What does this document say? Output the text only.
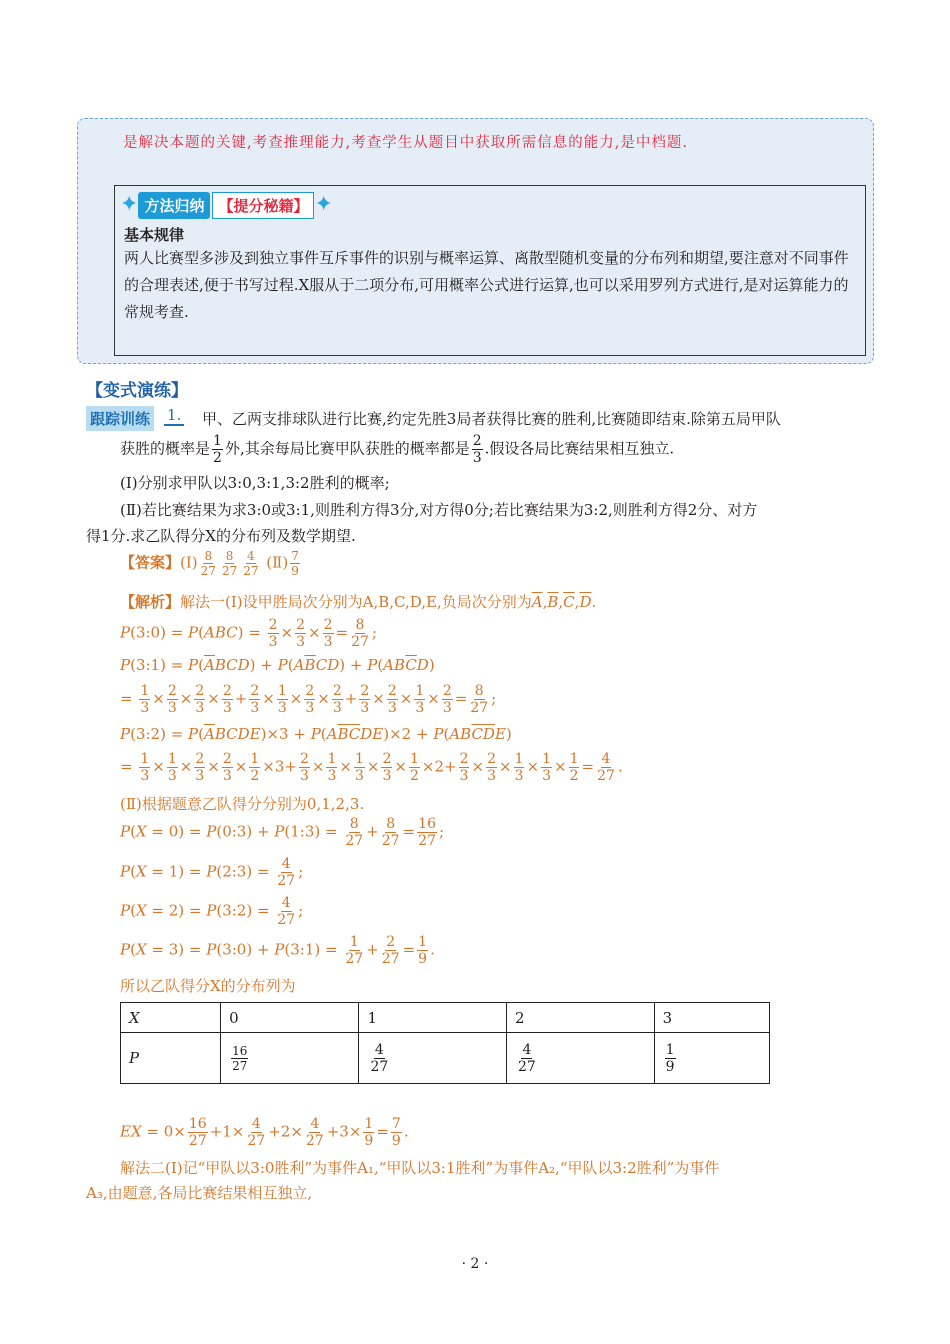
是解决本题的关键,考查推理能力,考查学生从题目中获取所需信息的能力,是中档题.
✦ 方法归纳 【提分秘籍】 ✦
基本规律
两人比赛型多涉及到独立事件互斥事件的识别与概率运算、离散型随机变量的分布列和期望,要注意对不同事件的合理表述,便于书写过程.X服从于二项分布,可用概率公式进行运算,也可以采用罗列方式进行,是对运算能力的常规考查.
【变式演练】
跟踪训练 1. 甲、乙两支排球队进行比赛,约定先胜3局者获得比赛的胜利,比赛随即结束.除第五局甲队
获胜的概率是 $\frac{1}{2}$ 外,其余每局比赛甲队获胜的概率都是 $\frac{2}{3}$ .假设各局比赛结果相互独立.
(Ⅰ)分别求甲队以3:0,3:1,3:2胜利的概率;
(Ⅱ)若比赛结果为求3:0或3:1,则胜利方得3分,对方得0分;若比赛结果为3:2,则胜利方得2分、对方
得1分.求乙队得分X的分布列及数学期望.
【答案】(Ⅰ) $\frac{8}{27} \frac{8}{27} \frac{4}{27}$ (Ⅱ) $\frac{7}{9}$
【解析】解法一(Ⅰ)设甲胜局次分别为A,B,C,D,E,负局次分别为$\overline{A},\overline{B},\overline{C},\overline{D}$.
P(3:0) = $P(ABC) = \frac{2}{3} \times \frac{2}{3} \times \frac{2}{3} = \frac{8}{27}$ ;
P(3:1) = $P(\overline{A}BCD) + P(A\overline{B}CD) + P(AB\overline{C}D)$
= $\frac{1}{3} \times \frac{2}{3} \times \frac{2}{3} \times \frac{2}{3} + \frac{2}{3} \times \frac{1}{3} \times \frac{2}{3} \times \frac{2}{3} + \frac{2}{3} \times \frac{2}{3} \times \frac{1}{3} \times \frac{2}{3} = \frac{8}{27}$ ;
P(3:2) = $P(\overline{A}BCDE)\times 3 + P(A\overline{B}\overline{C}DE)\times 2 + P(AB\overline{C}\overline{D}E)$
= $\frac{1}{3} \times \frac{1}{3} \times \frac{2}{3} \times \frac{2}{3} \times \frac{1}{2} \times 3+ \frac{2}{3} \times \frac{1}{3} \times \frac{1}{3} \times \frac{2}{3} \times \frac{1}{2} \times 2+ \frac{2}{3} \times \frac{2}{3} \times \frac{1}{3} \times \frac{1}{3} \times \frac{1}{2} = \frac{4}{27}$ .
(Ⅱ)根据题意乙队得分分别为0,1,2,3.
P(X = 0) = P(0:3) + P(1:3) = $\frac{8}{27} + \frac{8}{27} = \frac{16}{27}$ ;
P(X = 1) = P(2:3) = $\frac{4}{27}$ ;
P(X = 2) = P(3:2) = $\frac{4}{27}$ ;
P(X = 3) = P(3:0) + P(3:1) = $\frac{1}{27} + \frac{2}{27} = \frac{1}{9}$ .
所以乙队得分X的分布列为
X	0	1	2	3
P	$\frac{16}{27}$	$\frac{4}{27}$	$\frac{4}{27}$	$\frac{1}{9}$
EX = $0\times \frac{16}{27} +1\times \frac{4}{27} +2\times \frac{4}{27} +3\times \frac{1}{9} = \frac{7}{9}$ .
解法二(Ⅰ)记“甲队以3:0胜利”为事件A₁,“甲队以3:1胜利”为事件A₂,“甲队以3:2胜利”为事件
A₃,由题意,各局比赛结果相互独立,
· 2 ·
